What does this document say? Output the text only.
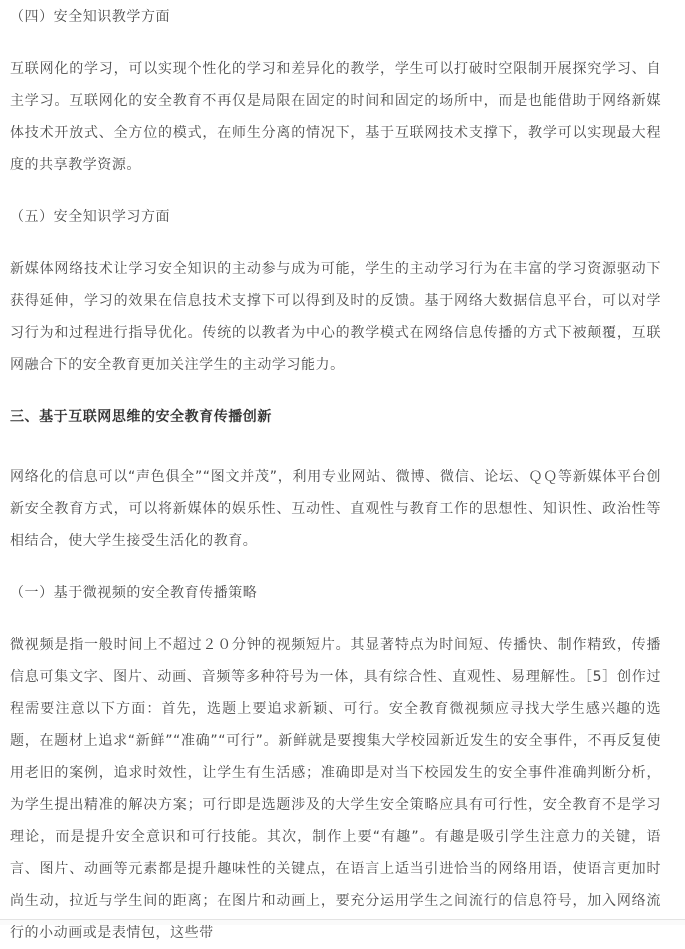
（四）安全知识教学方面

互联网化的学习，可以实现个性化的学习和差异化的教学，学生可以打破时空限制开展探究学习、自主学习。互联网化的安全教育不再仅是局限在固定的时间和固定的场所中，而是也能借助于网络新媒体技术开放式、全方位的模式，在师生分离的情况下，基于互联网技术支撑下，教学可以实现最大程度的共享教学资源。

（五）安全知识学习方面

新媒体网络技术让学习安全知识的主动参与成为可能，学生的主动学习行为在丰富的学习资源驱动下获得延伸，学习的效果在信息技术支撑下可以得到及时的反馈。基于网络大数据信息平台，可以对学习行为和过程进行指导优化。传统的以教者为中心的教学模式在网络信息传播的方式下被颠覆，互联网融合下的安全教育更加关注学生的主动学习能力。

三、基于互联网思维的安全教育传播创新

网络化的信息可以“声色俱全”“图文并茂”，利用专业网站、微博、微信、论坛、ＱＱ等新媒体平台创新安全教育方式，可以将新媒体的娱乐性、互动性、直观性与教育工作的思想性、知识性、政治性等相结合，使大学生接受生活化的教育。

（一）基于微视频的安全教育传播策略

微视频是指一般时间上不超过２０分钟的视频短片。其显著特点为时间短、传播快、制作精致，传播信息可集文字、图片、动画、音频等多种符号为一体，具有综合性、直观性、易理解性。［5］创作过程需要注意以下方面：首先，选题上要追求新颖、可行。安全教育微视频应寻找大学生感兴趣的选题，在题材上追求“新鲜”“准确”“可行”。新鲜就是要搜集大学校园新近发生的安全事件，不再反复使用老旧的案例，追求时效性，让学生有生活感；准确即是对当下校园发生的安全事件准确判断分析，为学生提出精准的解决方案；可行即是选题涉及的大学生安全策略应具有可行性，安全教育不是学习理论，而是提升安全意识和可行技能。其次，制作上要“有趣”。有趣是吸引学生注意力的关键，语言、图片、动画等元素都是提升趣味性的关键点，在语言上适当引进恰当的网络用语，使语言更加时尚生动，拉近与学生间的距离；在图片和动画上，要充分运用学生之间流行的信息符号，加入网络流行的小动画或是表情包，这些带
